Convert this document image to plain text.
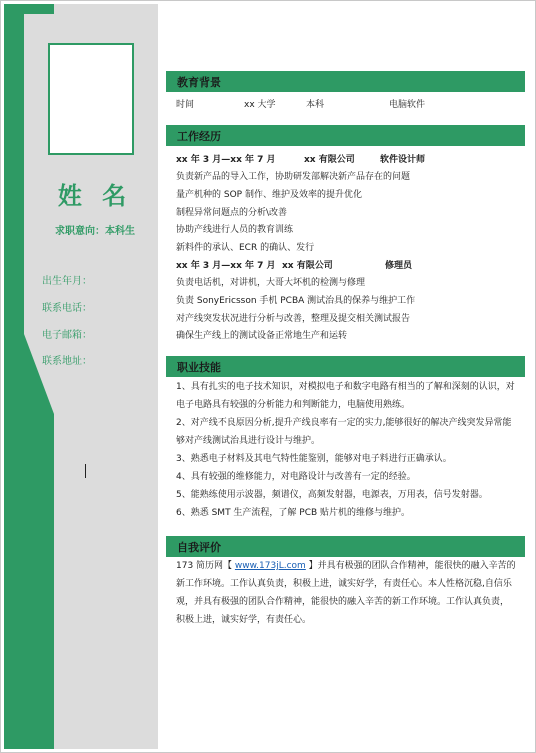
姓 名
求职意向：本科生
出生年月：
联系电话：
电子邮箱：
联系地址：
教育背景
时间	xx 大学	本科	电脑软件
工作经历
xx 年 3 月—xx 年 7 月	xx 有限公司	软件设计师
负责新产品的导入工作，协助研发部解决新产品存在的问题
量产机种的 SOP 制作、维护及效率的提升优化
制程异常问题点的分析\改善
协助产线进行人员的教育训练
新料件的承认、ECR 的确认、发行
xx 年 3 月—xx 年 7 月 xx 有限公司	修理员
负责电话机，对讲机，大哥大坏机的检测与修理
负责 SonyEricsson 手机 PCBA 测试治具的保养与维护工作
对产线突发状况进行分析与改善，整理及提交相关测试报告
确保生产线上的测试设备正常地生产和运转
职业技能
1、具有扎实的电子技术知识，对模拟电子和数字电路有相当的了解和深刻的认识，对电子电路具有较强的分析能力和判断能力，电脑使用熟练。
2、对产线不良原因分析,提升产线良率有一定的实力,能够很好的解决产线突发异常能够对产线测试治具进行设计与维护。
3、熟悉电子材料及其电气特性能鉴别，能够对电子料进行正确承认。
4、具有较强的维修能力，对电路设计与改善有一定的经验。
5、能熟练使用示波器，频谱仪，高频发射器，电源表，万用表，信号发射器。
6、熟悉 SMT 生产流程，了解 PCB 贴片机的维修与维护。
自我评价
173 简历网【 www.173jL.com 】并具有极强的团队合作精神，能很快的融入辛苦的新工作环境。工作认真负责，积极上进，诚实好学，有责任心。本人性格沉稳,自信乐观，并具有极强的团队合作精神，能很快的融入辛苦的新工作环境。工作认真负责，积极上进，诚实好学，有责任心。
